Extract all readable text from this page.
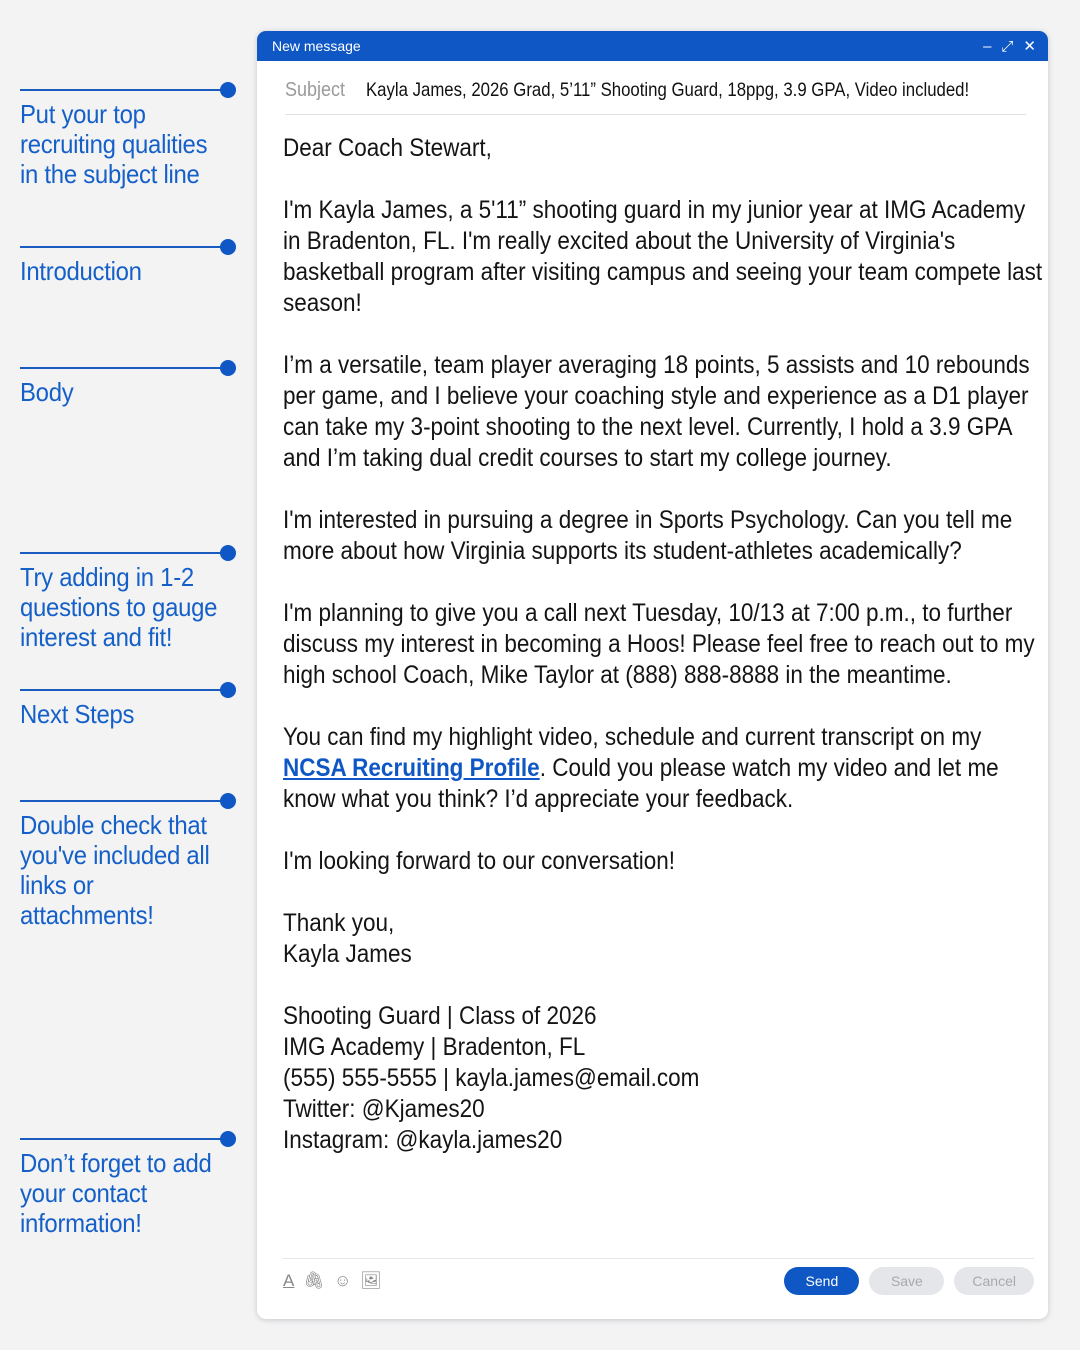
Put your top recruiting qualities in the subject line
Introduction
Body
Try adding in 1-2 questions to gauge interest and fit!
Next Steps
Double check that you've included all links or attachments!
Don’t forget to add your contact information!
New message	– ⤢ ✕
Subject Kayla James, 2026 Grad, 5’11” Shooting Guard, 18ppg, 3.9 GPA, Video included!
Dear Coach Stewart,
I'm Kayla James, a 5'11” shooting guard in my junior year at IMG Academy in Bradenton, FL. I'm really excited about the University of Virginia's basketball program after visiting campus and seeing your team compete last season!
I’m a versatile, team player averaging 18 points, 5 assists and 10 rebounds per game, and I believe your coaching style and experience as a D1 player can take my 3-point shooting to the next level. Currently, I hold a 3.9 GPA and I’m taking dual credit courses to start my college journey.
I'm interested in pursuing a degree in Sports Psychology. Can you tell me more about how Virginia supports its student-athletes academically?
I'm planning to give you a call next Tuesday, 10/13 at 7:00 p.m., to further discuss my interest in becoming a Hoos! Please feel free to reach out to my high school Coach, Mike Taylor at (888) 888-8888 in the meantime.
You can find my highlight video, schedule and current transcript on my NCSA Recruiting Profile. Could you please watch my video and let me know what you think? I’d appreciate your feedback.
I'm looking forward to our conversation!
Thank you,
Kayla James
Shooting Guard | Class of 2026
IMG Academy | Bradenton, FL
(555) 555-5555 | kayla.james@email.com
Twitter: @Kjames20
Instagram: @kayla.james20
A 🖇 ☺ 🖼	Send	Save	Cancel
